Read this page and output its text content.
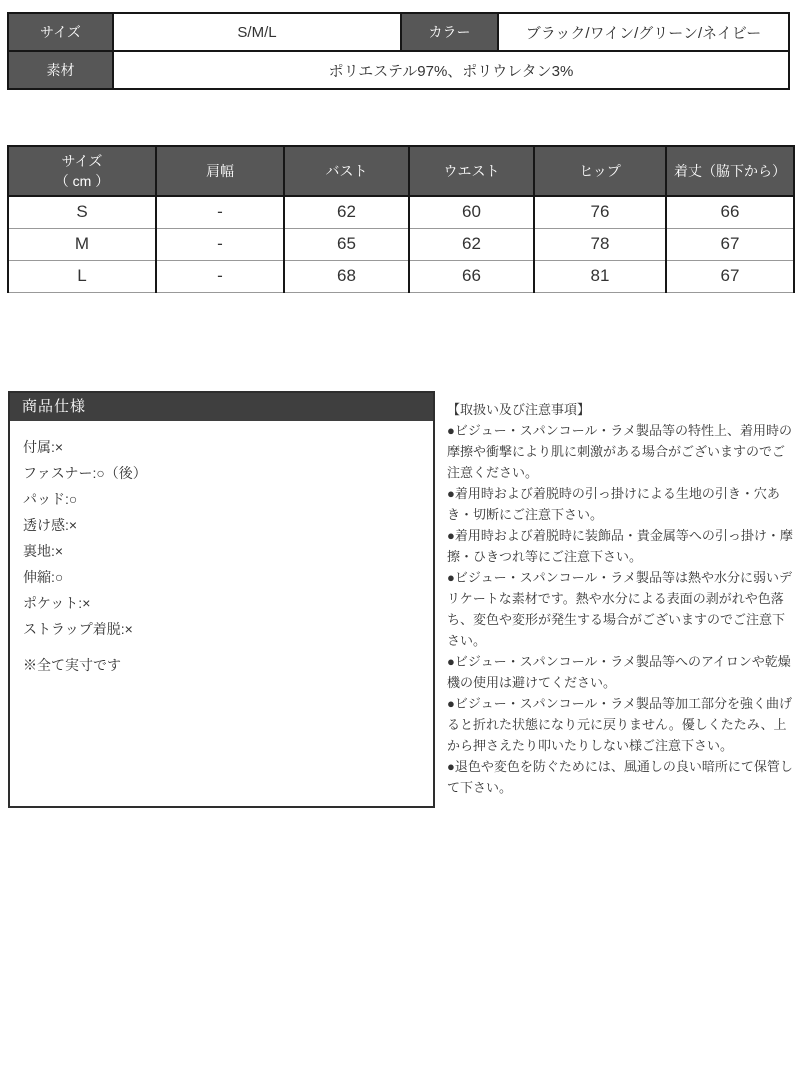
サイズ	S/M/L	カラー	ブラック/ワイン/グリーン/ネイビー
素材	ポリエステル97%、ポリウレタン3%		
サイズ
（ cm ）	肩幅	バスト	ウエスト	ヒップ	着丈（脇下から）
S	-	62	60	76	66
M	-	65	62	78	67
L	-	68	66	81	67
商品仕様

付属:×

ファスナー:○（後）

パッド:○

透け感:×

裏地:×

伸縮:○

ポケット:×

ストラップ着脱:×

※全て実寸です

【取扱い及び注意事項】

●ビジュー・スパンコール・ラメ製品等の特性上、着用時の摩擦や衝撃により肌に刺激がある場合がございますのでご注意ください。

●着用時および着脱時の引っ掛けによる生地の引き・穴あき・切断にご注意下さい。

●着用時および着脱時に装飾品・貴金属等への引っ掛け・摩擦・ひきつれ等にご注意下さい。

●ビジュー・スパンコール・ラメ製品等は熱や水分に弱いデリケートな素材です。熱や水分による表面の剥がれや色落ち、変色や変形が発生する場合がございますのでご注意下さい。

●ビジュー・スパンコール・ラメ製品等へのアイロンや乾燥機の使用は避けてください。

●ビジュー・スパンコール・ラメ製品等加工部分を強く曲げると折れた状態になり元に戻りません。優しくたたみ、上から押さえたり叩いたりしない様ご注意下さい。

●退色や変色を防ぐためには、風通しの良い暗所にて保管して下さい。
